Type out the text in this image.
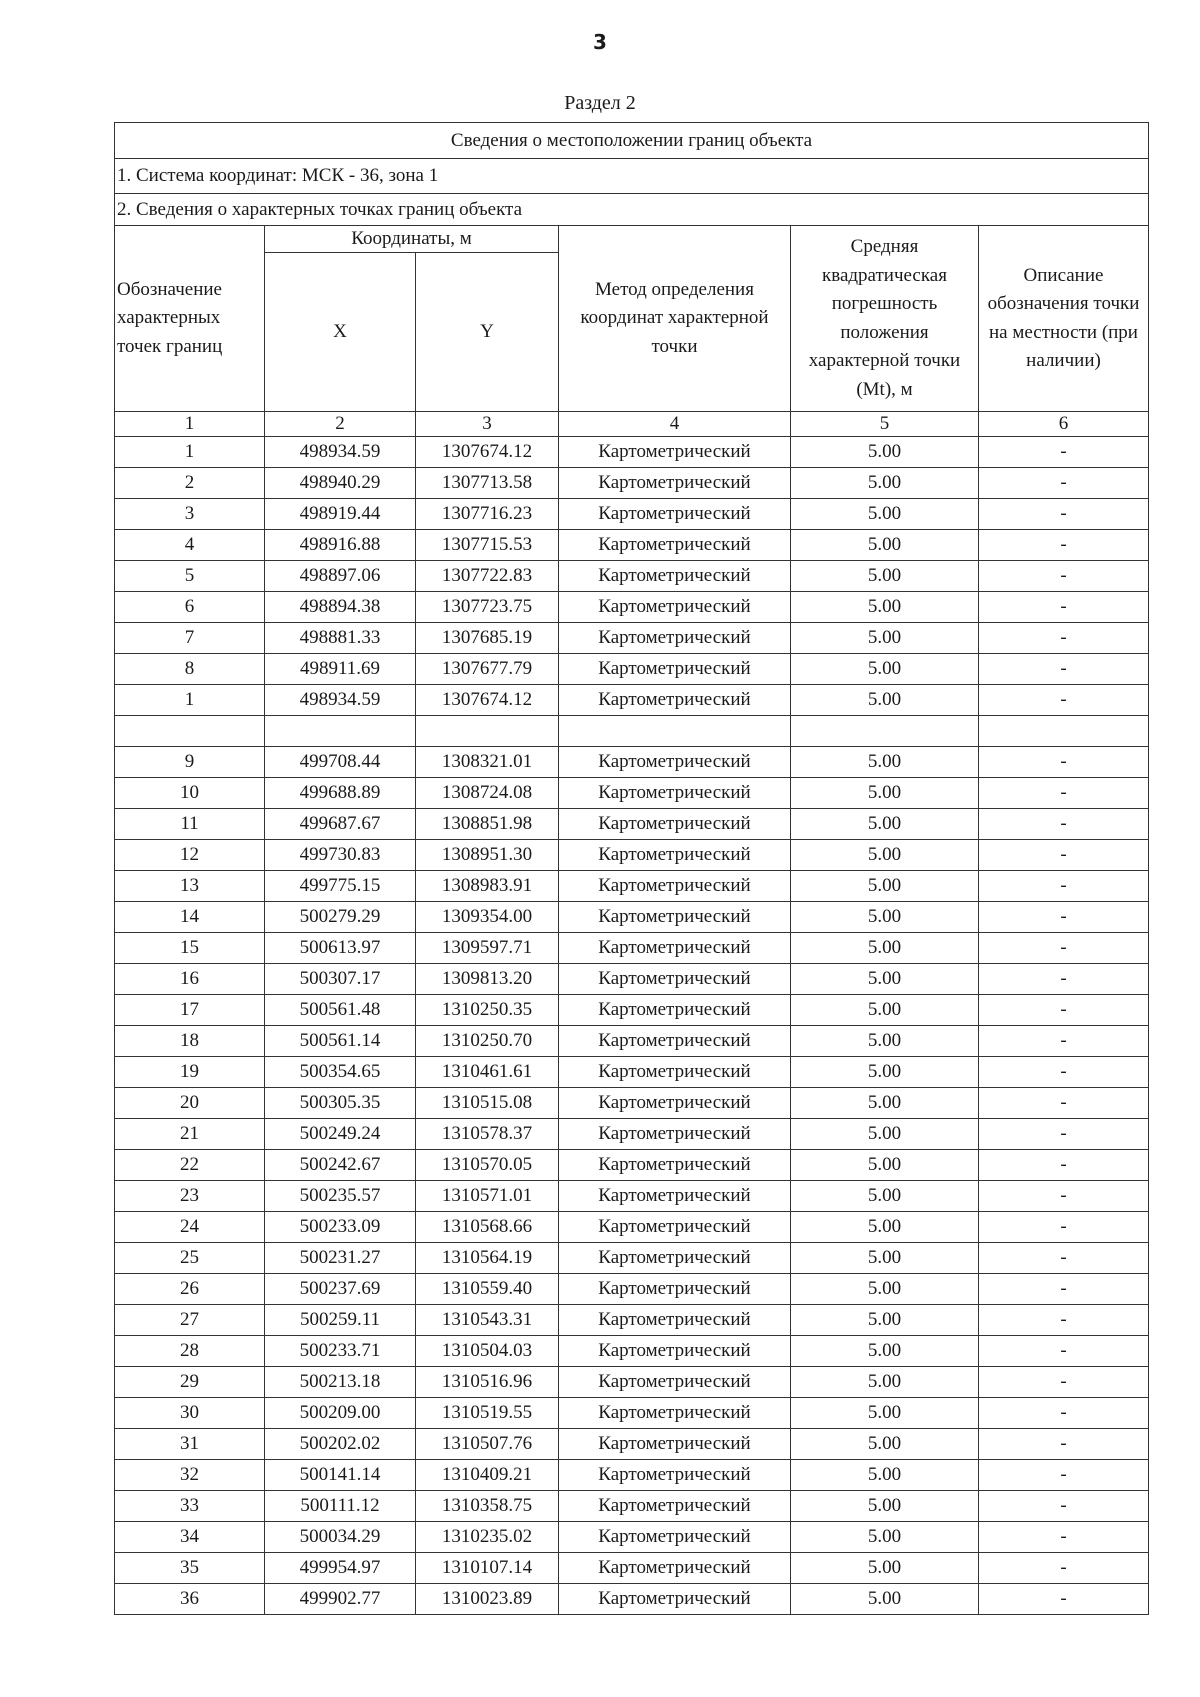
3
Раздел 2
Сведения о местоположении границ объекта					
1. Система координат: МСК - 36, зона 1					
2. Сведения о характерных точках границ объекта					
Обозначение характерных точек границ	Координаты, м		Метод определения координат характерной точки	Средняя квадратическая погрешность положения характерной точки (Mt), м	Описание обозначения точки на местности (при наличии)
	X	Y			
1	2	3	4	5	6
1	498934.59	1307674.12	Картометрический	5.00	-
2	498940.29	1307713.58	Картометрический	5.00	-
3	498919.44	1307716.23	Картометрический	5.00	-
4	498916.88	1307715.53	Картометрический	5.00	-
5	498897.06	1307722.83	Картометрический	5.00	-
6	498894.38	1307723.75	Картометрический	5.00	-
7	498881.33	1307685.19	Картометрический	5.00	-
8	498911.69	1307677.79	Картометрический	5.00	-
1	498934.59	1307674.12	Картометрический	5.00	-

9	499708.44	1308321.01	Картометрический	5.00	-
10	499688.89	1308724.08	Картометрический	5.00	-
11	499687.67	1308851.98	Картометрический	5.00	-
12	499730.83	1308951.30	Картометрический	5.00	-
13	499775.15	1308983.91	Картометрический	5.00	-
14	500279.29	1309354.00	Картометрический	5.00	-
15	500613.97	1309597.71	Картометрический	5.00	-
16	500307.17	1309813.20	Картометрический	5.00	-
17	500561.48	1310250.35	Картометрический	5.00	-
18	500561.14	1310250.70	Картометрический	5.00	-
19	500354.65	1310461.61	Картометрический	5.00	-
20	500305.35	1310515.08	Картометрический	5.00	-
21	500249.24	1310578.37	Картометрический	5.00	-
22	500242.67	1310570.05	Картометрический	5.00	-
23	500235.57	1310571.01	Картометрический	5.00	-
24	500233.09	1310568.66	Картометрический	5.00	-
25	500231.27	1310564.19	Картометрический	5.00	-
26	500237.69	1310559.40	Картометрический	5.00	-
27	500259.11	1310543.31	Картометрический	5.00	-
28	500233.71	1310504.03	Картометрический	5.00	-
29	500213.18	1310516.96	Картометрический	5.00	-
30	500209.00	1310519.55	Картометрический	5.00	-
31	500202.02	1310507.76	Картометрический	5.00	-
32	500141.14	1310409.21	Картометрический	5.00	-
33	500111.12	1310358.75	Картометрический	5.00	-
34	500034.29	1310235.02	Картометрический	5.00	-
35	499954.97	1310107.14	Картометрический	5.00	-
36	499902.77	1310023.89	Картометрический	5.00	-
